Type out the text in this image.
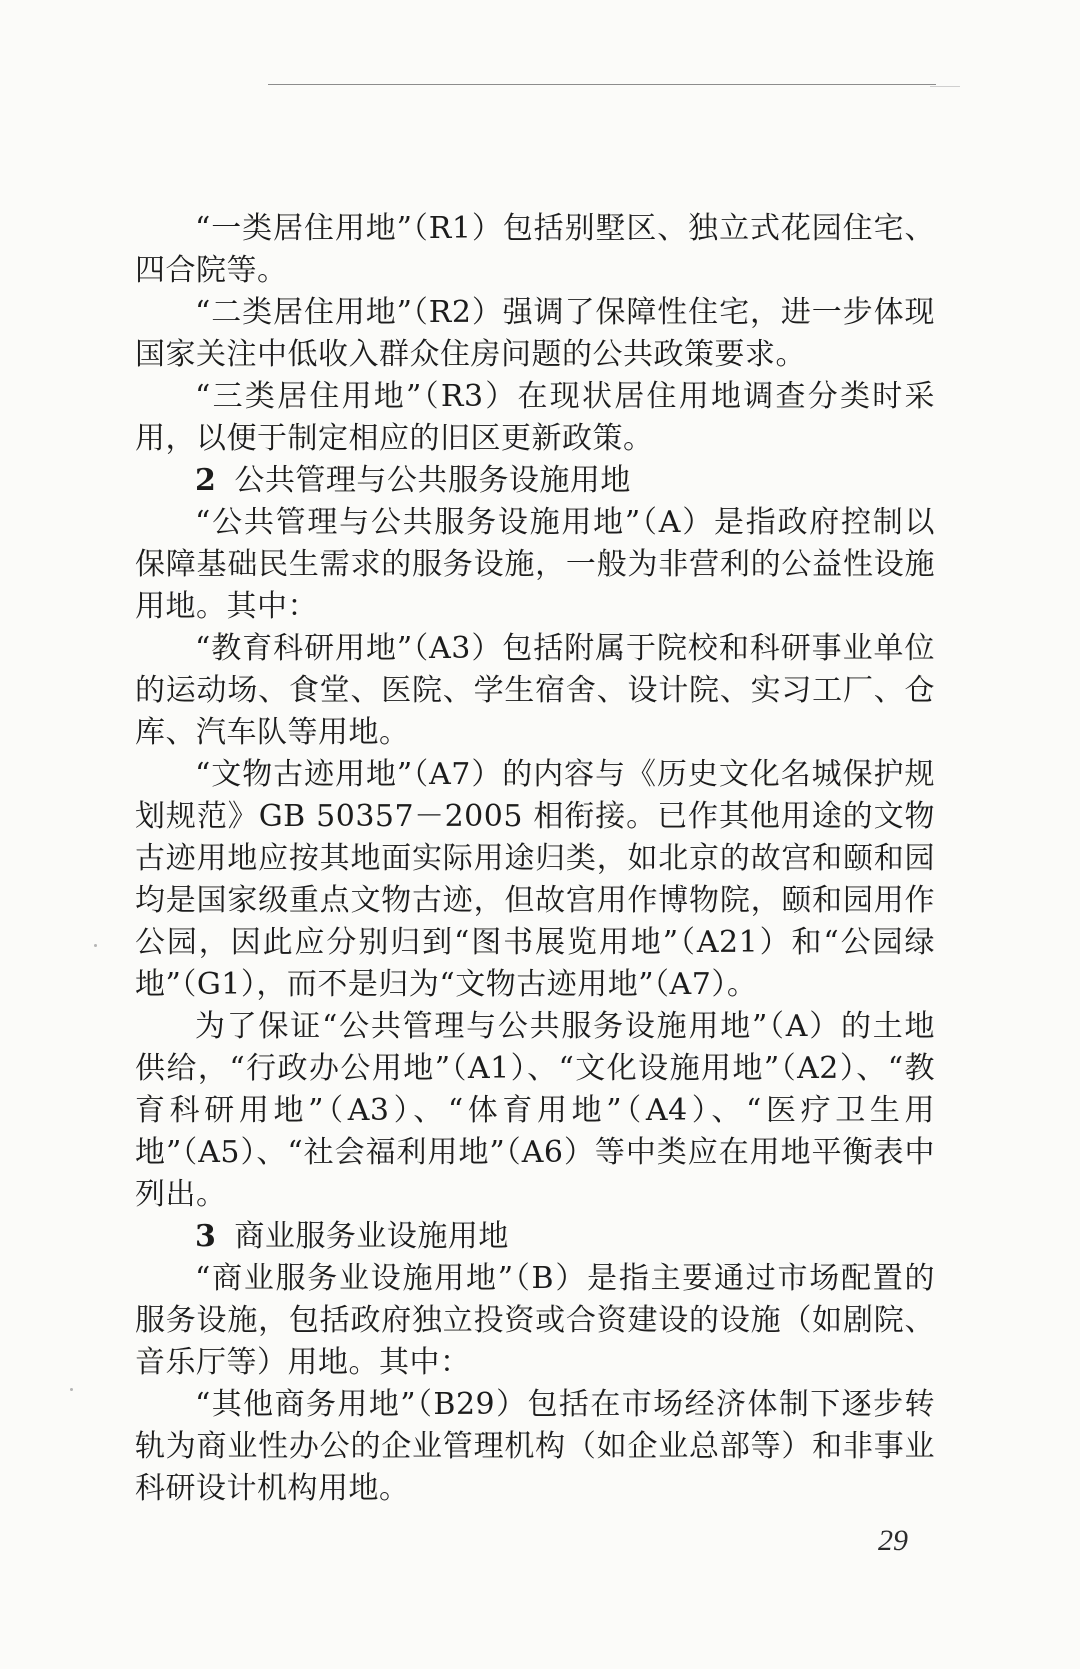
“一类居住用地”（R1）包括别墅区、独立式花园住宅、四合院等。

“二类居住用地”（R2）强调了保障性住宅，进一步体现国家关注中低收入群众住房问题的公共政策要求。

“三类居住用地”（R3）在现状居住用地调查分类时采用，以便于制定相应的旧区更新政策。

2 公共管理与公共服务设施用地

“公共管理与公共服务设施用地”（A）是指政府控制以保障基础民生需求的服务设施，一般为非营利的公益性设施用地。其中：

“教育科研用地”（A3）包括附属于院校和科研事业单位的运动场、食堂、医院、学生宿舍、设计院、实习工厂、仓库、汽车队等用地。

“文物古迹用地”（A7）的内容与《历史文化名城保护规划规范》GB 50357－2005 相衔接。已作其他用途的文物古迹用地应按其地面实际用途归类，如北京的故宫和颐和园均是国家级重点文物古迹，但故宫用作博物院，颐和园用作公园，因此应分别归到“图书展览用地”（A21）和“公园绿地”（G1），而不是归为“文物古迹用地”（A7）。

为了保证“公共管理与公共服务设施用地”（A）的土地供给，“行政办公用地”（A1）、“文化设施用地”（A2）、“教育科研用地”（A3）、“体育用地”（A4）、“医疗卫生用地”（A5）、“社会福利用地”（A6）等中类应在用地平衡表中列出。

3 商业服务业设施用地

“商业服务业设施用地”（B）是指主要通过市场配置的服务设施，包括政府独立投资或合资建设的设施（如剧院、音乐厅等）用地。其中：

“其他商务用地”（B29）包括在市场经济体制下逐步转轨为商业性办公的企业管理机构（如企业总部等）和非事业科研设计机构用地。

29
